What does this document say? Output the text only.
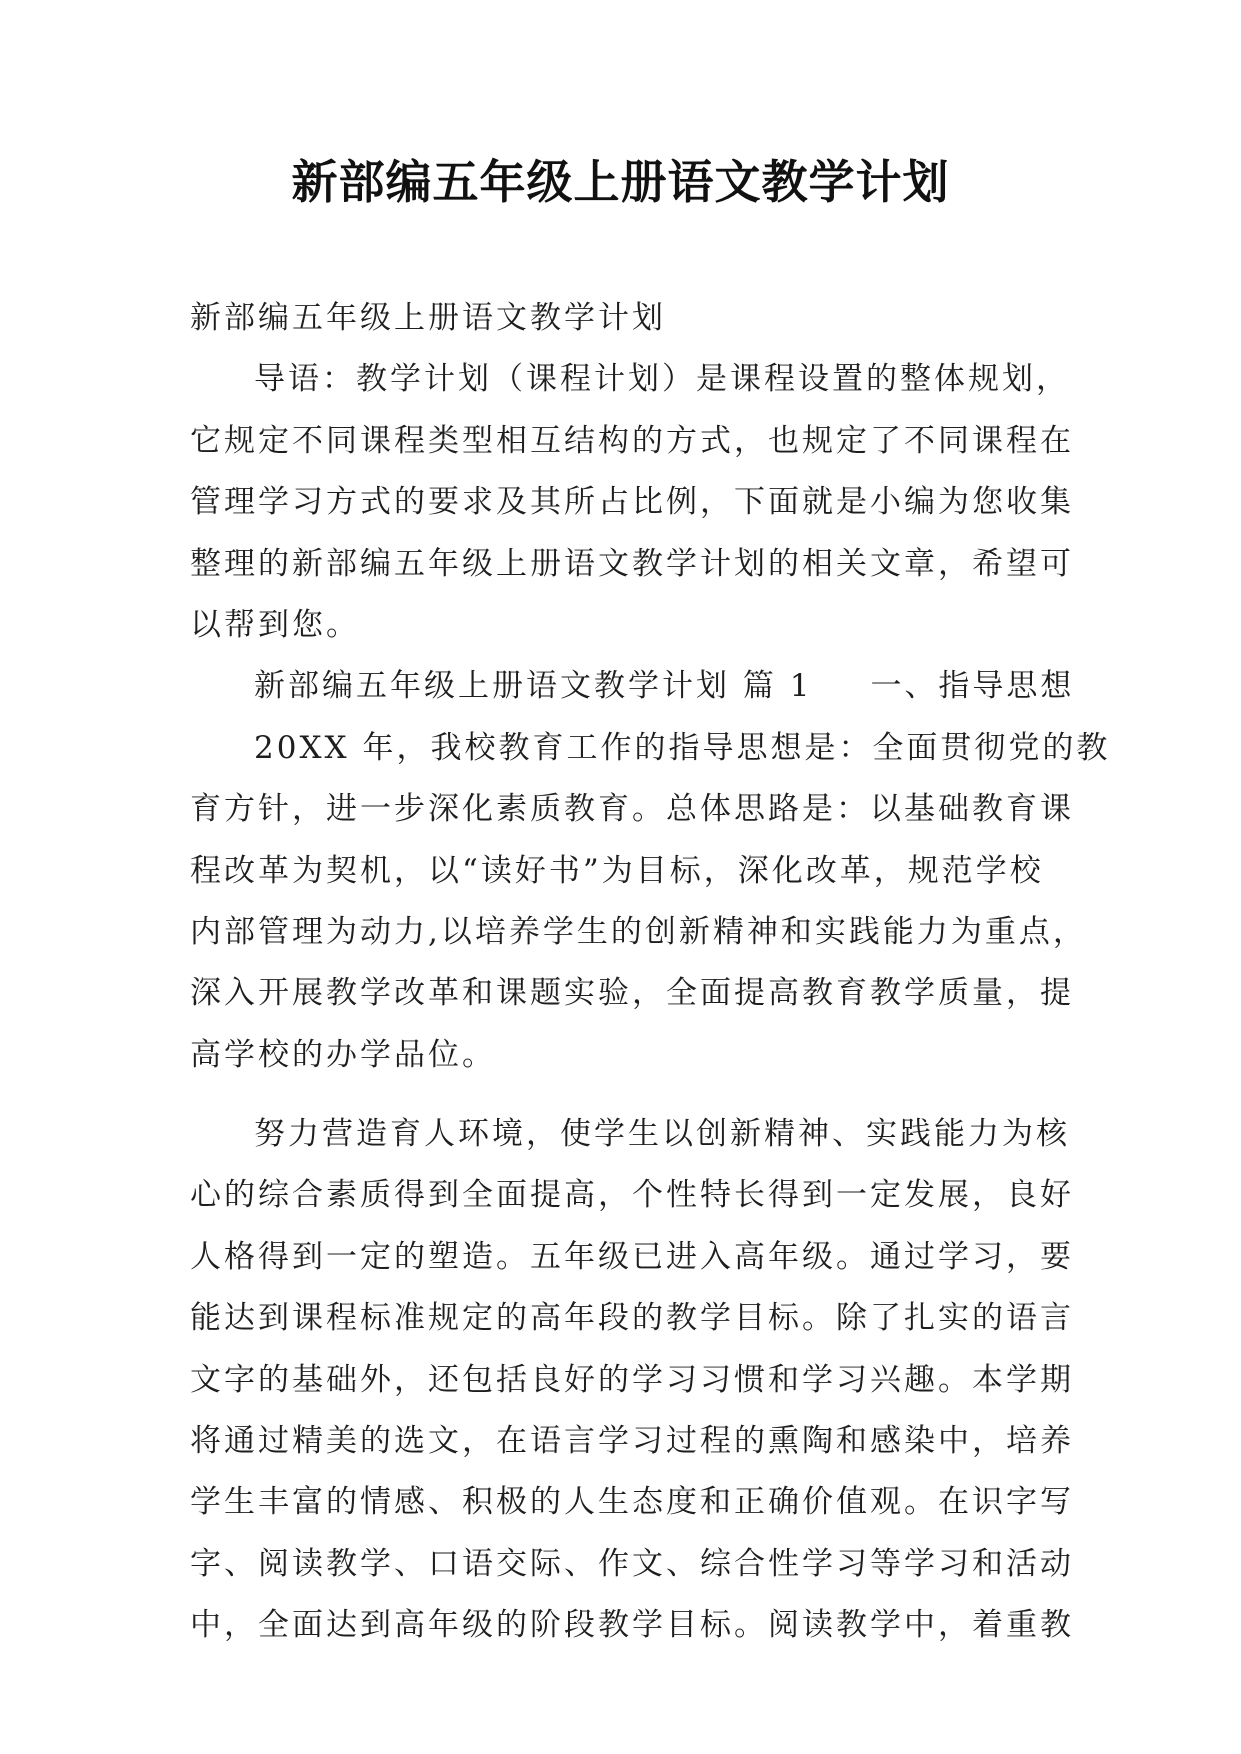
新部编五年级上册语文教学计划
新部编五年级上册语文教学计划
导语：教学计划（课程计划）是课程设置的整体规划，
它规定不同课程类型相互结构的方式，也规定了不同课程在
管理学习方式的要求及其所占比例，下面就是小编为您收集
整理的新部编五年级上册语文教学计划的相关文章，希望可
以帮到您。
新部编五年级上册语文教学计划 篇 1 一、指导思想
20XX 年，我校教育工作的指导思想是：全面贯彻党的教
育方针，进一步深化素质教育。总体思路是：以基础教育课
程改革为契机，以“读好书”为目标，深化改革，规范学校
内部管理为动力,以培养学生的创新精神和实践能力为重点，
深入开展教学改革和课题实验，全面提高教育教学质量，提
高学校的办学品位。
努力营造育人环境，使学生以创新精神、实践能力为核
心的综合素质得到全面提高，个性特长得到一定发展，良好
人格得到一定的塑造。五年级已进入高年级。通过学习，要
能达到课程标准规定的高年段的教学目标。除了扎实的语言
文字的基础外，还包括良好的学习习惯和学习兴趣。本学期
将通过精美的选文，在语言学习过程的熏陶和感染中，培养
学生丰富的情感、积极的人生态度和正确价值观。在识字写
字、阅读教学、口语交际、作文、综合性学习等学习和活动
中，全面达到高年级的阶段教学目标。阅读教学中，着重教
